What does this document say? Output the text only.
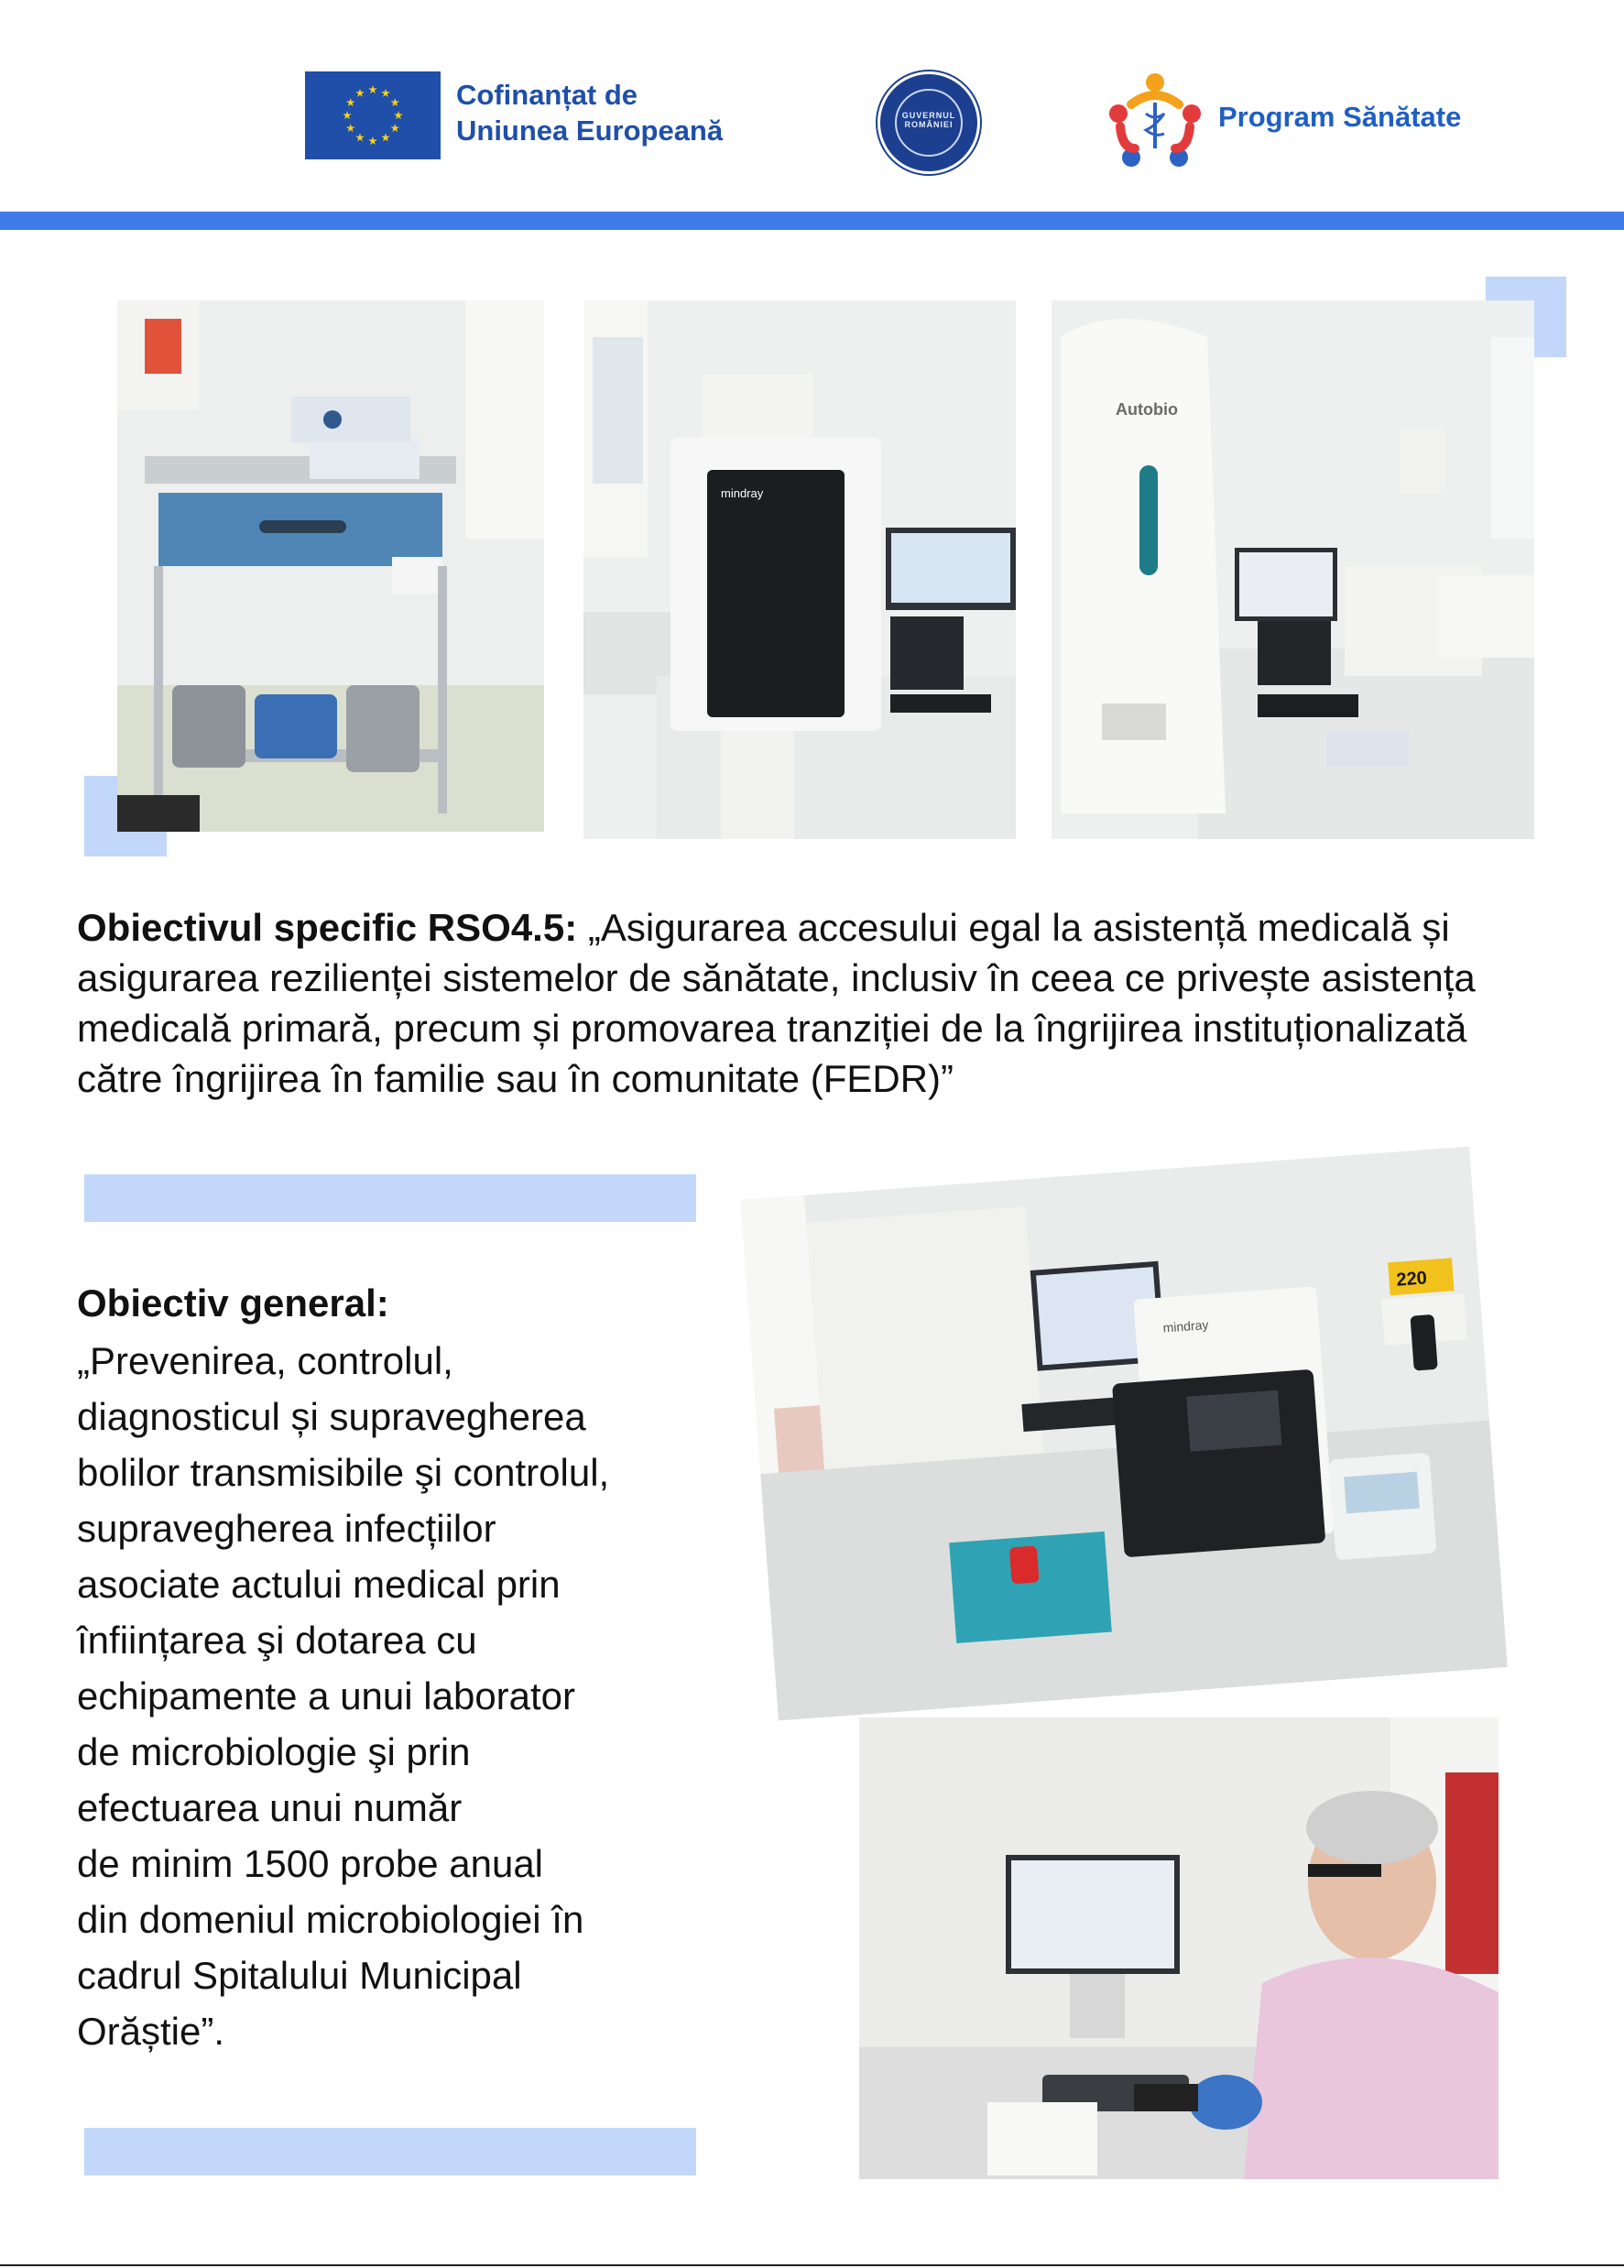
Cofinanțat de
Uniunea Europeană	GUVERNUL ROMÂNIEI	Program Sănătate
mindray
Autobio
mindray
220
Obiectivul specific RSO4.5: „Asigurarea accesului egal la asistență medicală și asigurarea rezilienței sistemelor de sănătate, inclusiv în ceea ce privește asistența medicală primară, precum și promovarea tranziției de la îngrijirea instituționalizată către îngrijirea în familie sau în comunitate (FEDR)”
Obiectiv general:
„Prevenirea, controlul,
diagnosticul și supravegherea
bolilor transmisibile şi controlul,
supravegherea infecțiilor
asociate actului medical prin
înființarea şi dotarea cu
echipamente a unui laborator
de microbiologie şi prin
efectuarea unui număr
de minim 1500 probe anual
din domeniul microbiologiei în
cadrul Spitalului Municipal
Orăștie”.
